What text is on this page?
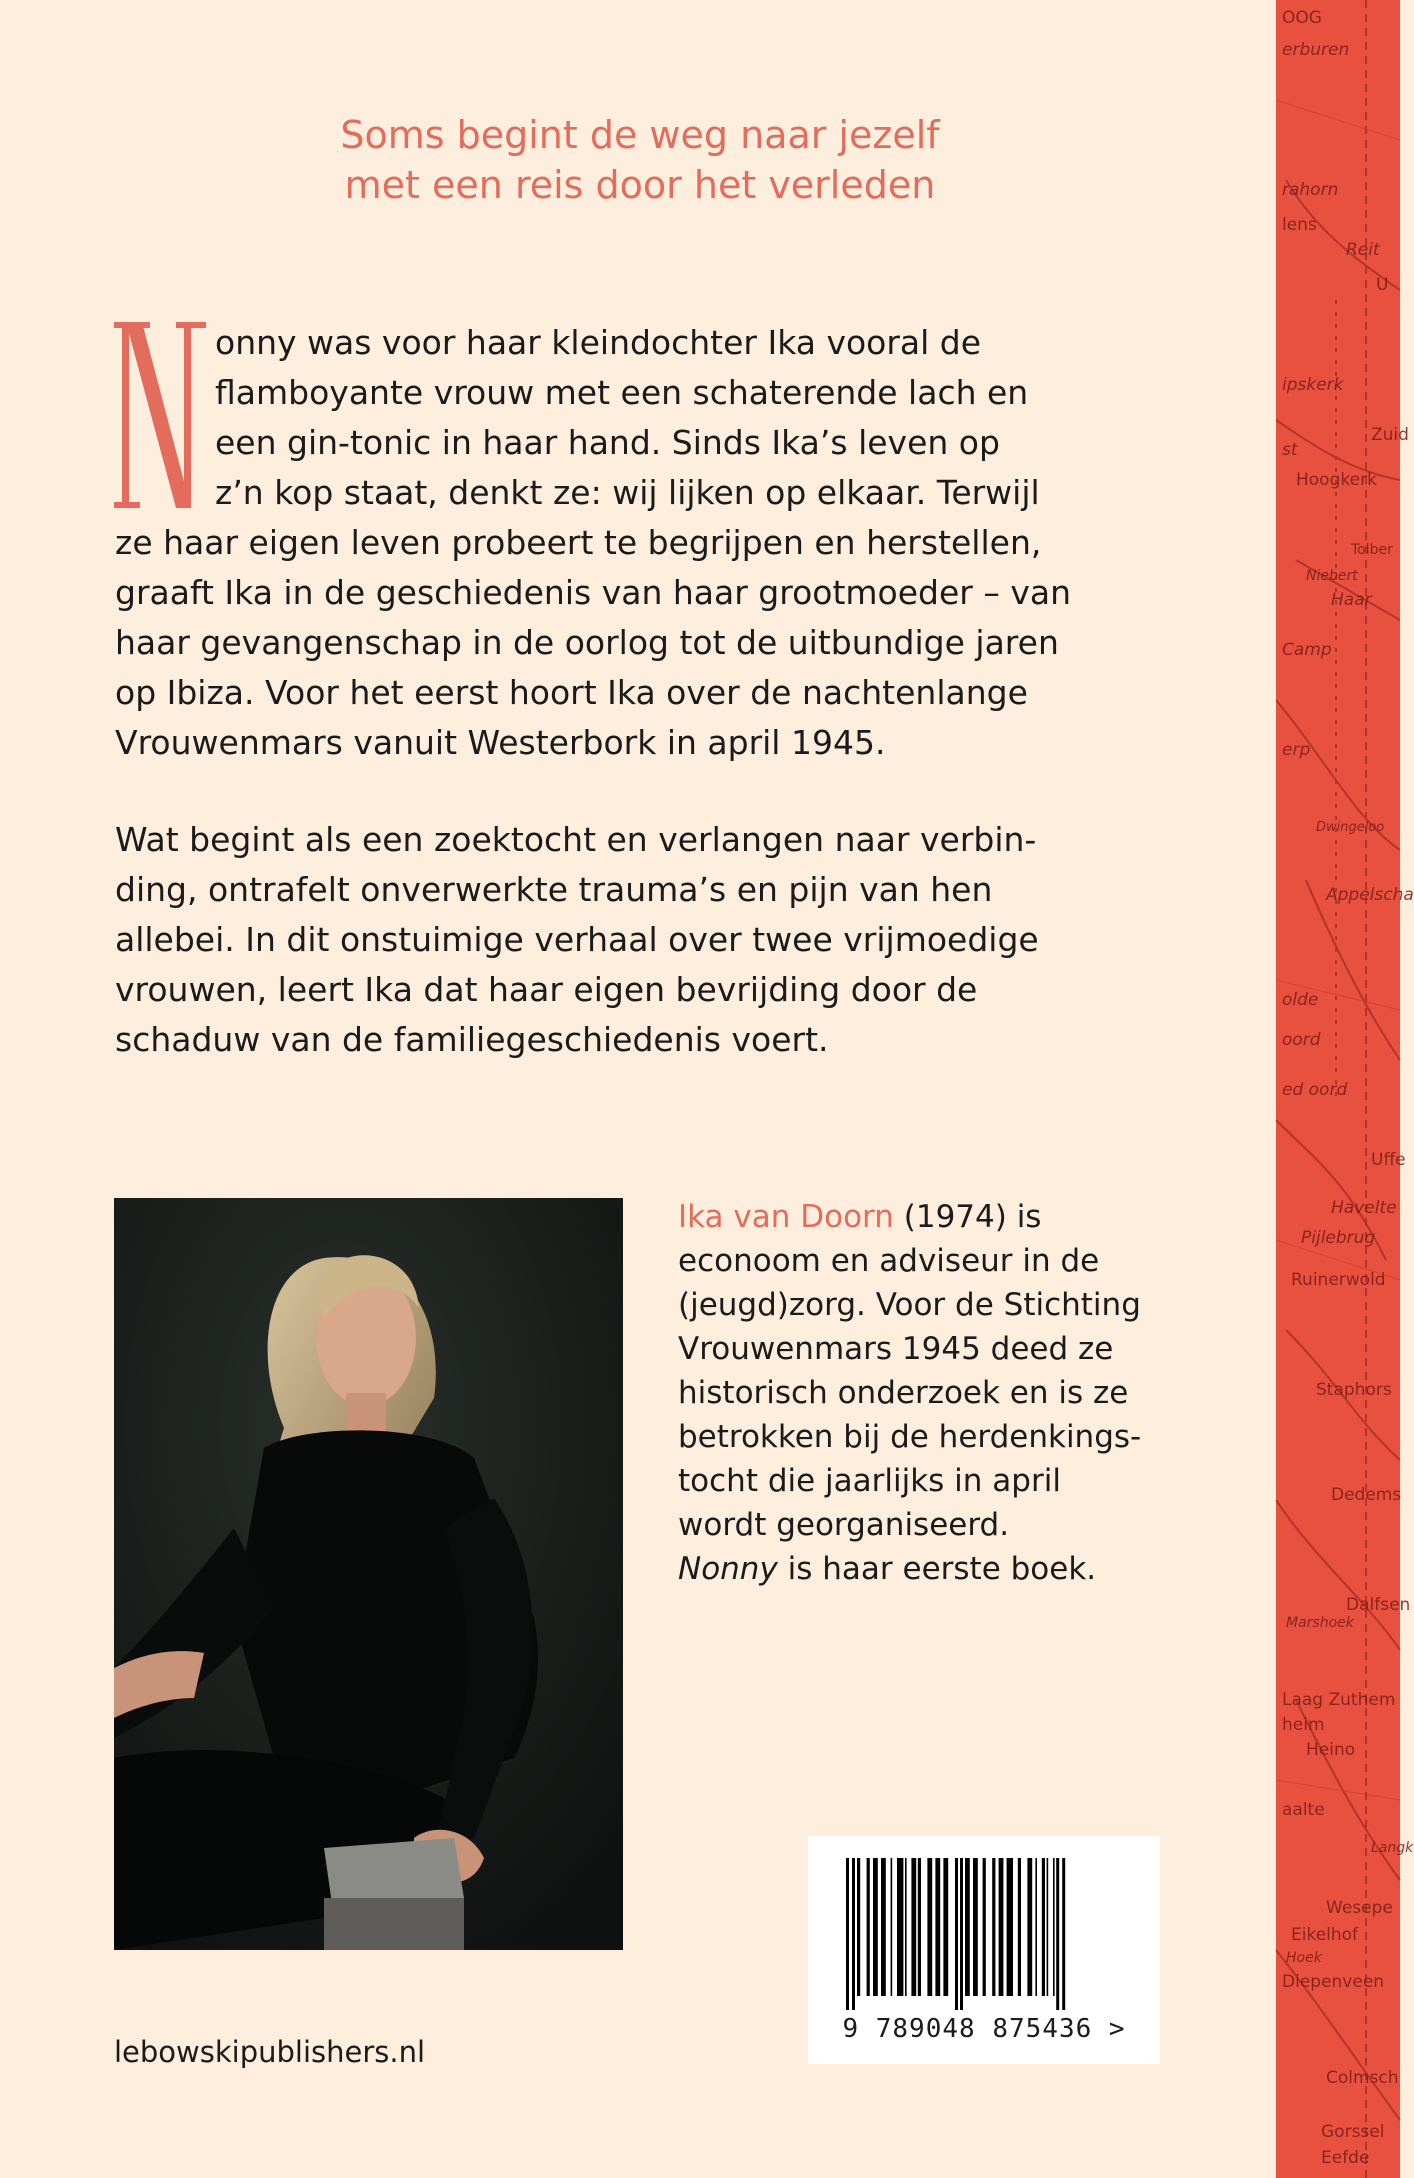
OOG
erburen
rahorn
lens
Reit
U
ipskerk
Zuid
st
Hoogkerk
Tolber
Niebert
Haar
Camp
erp
Dwingeloo
Appelscha
olde
oord
ed oord
Uffe
Havelte
Pijlebrug
Ruinerwold
Staphors
Dedems
Dalfsen
Marshoek
Laag Zuthem
heim
Heino
aalte
Langk
Wesepe
Eikelhof
Hoek
Diepenveen
Colmsch
Gorssel
Eefde
Soms begint de weg naar jezelf
met een reis door het verleden
N
onny was voor haar kleindochter Ika vooral de
flamboyante vrouw met een schaterende lach en
een gin-tonic in haar hand. Sinds Ika’s leven op
z’n kop staat, denkt ze: wij lijken op elkaar. Terwijl
ze haar eigen leven probeert te begrijpen en herstellen,
graaft Ika in de geschiedenis van haar grootmoeder – van
haar gevangenschap in de oorlog tot de uitbundige jaren
op Ibiza. Voor het eerst hoort Ika over de nachtenlange
Vrouwenmars vanuit Westerbork in april 1945.
Wat begint als een zoektocht en verlangen naar verbin-
ding, ontrafelt onverwerkte trauma’s en pijn van hen
allebei. In dit onstuimige verhaal over twee vrijmoedige
vrouwen, leert Ika dat haar eigen bevrijding door de
schaduw van de familiegeschiedenis voert.
Ika van Doorn (1974) is
econoom en adviseur in de
(jeugd)zorg. Voor de Stichting
Vrouwenmars 1945 deed ze
historisch onderzoek en is ze
betrokken bij de herdenkings-
tocht die jaarlijks in april
wordt georganiseerd.
Nonny is haar eerste boek.
9 789048 875436 >
lebowskipublishers.nl
